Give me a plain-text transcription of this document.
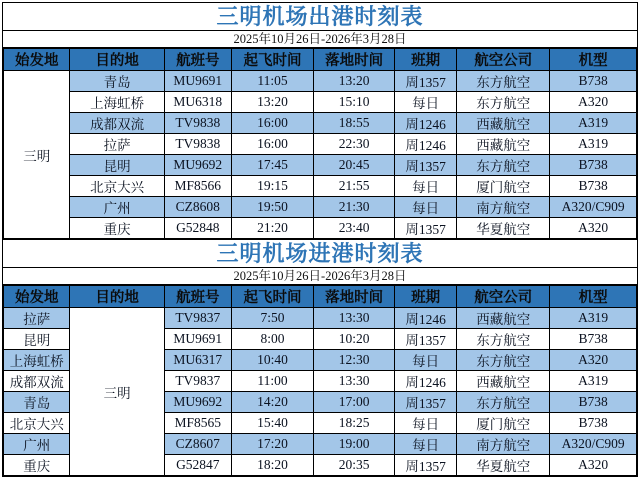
三明机场出港时刻表
2025年10月26日-2026年3月28日
始发地	目的地	航班号	起飞时间	落地时间	班期	航空公司	机型
三明	青岛	MU9691	11:05	13:20	周1357	东方航空	B738
	上海虹桥	MU6318	13:20	15:10	每日	东方航空	A320
	成都双流	TV9838	16:00	18:55	周1246	西藏航空	A319
	拉萨	TV9838	16:00	22:30	周1246	西藏航空	A319
	昆明	MU9692	17:45	20:45	周1357	东方航空	B738
	北京大兴	MF8566	19:15	21:55	每日	厦门航空	B738
	广州	CZ8608	19:50	21:30	每日	南方航空	A320/C909
	重庆	G52848	21:20	23:40	周1357	华夏航空	A320
三明机场进港时刻表
2025年10月26日-2026年3月28日
始发地	目的地	航班号	起飞时间	落地时间	班期	航空公司	机型
拉萨	三明	TV9837	7:50	13:30	周1246	西藏航空	A319
昆明		MU9691	8:00	10:20	周1357	东方航空	B738
上海虹桥		MU6317	10:40	12:30	每日	东方航空	A320
成都双流		TV9837	11:00	13:30	周1246	西藏航空	A319
青岛		MU9692	14:20	17:00	周1357	东方航空	B738
北京大兴		MF8565	15:40	18:25	每日	厦门航空	B738
广州		CZ8607	17:20	19:00	每日	南方航空	A320/C909
重庆		G52847	18:20	20:35	周1357	华夏航空	A320
